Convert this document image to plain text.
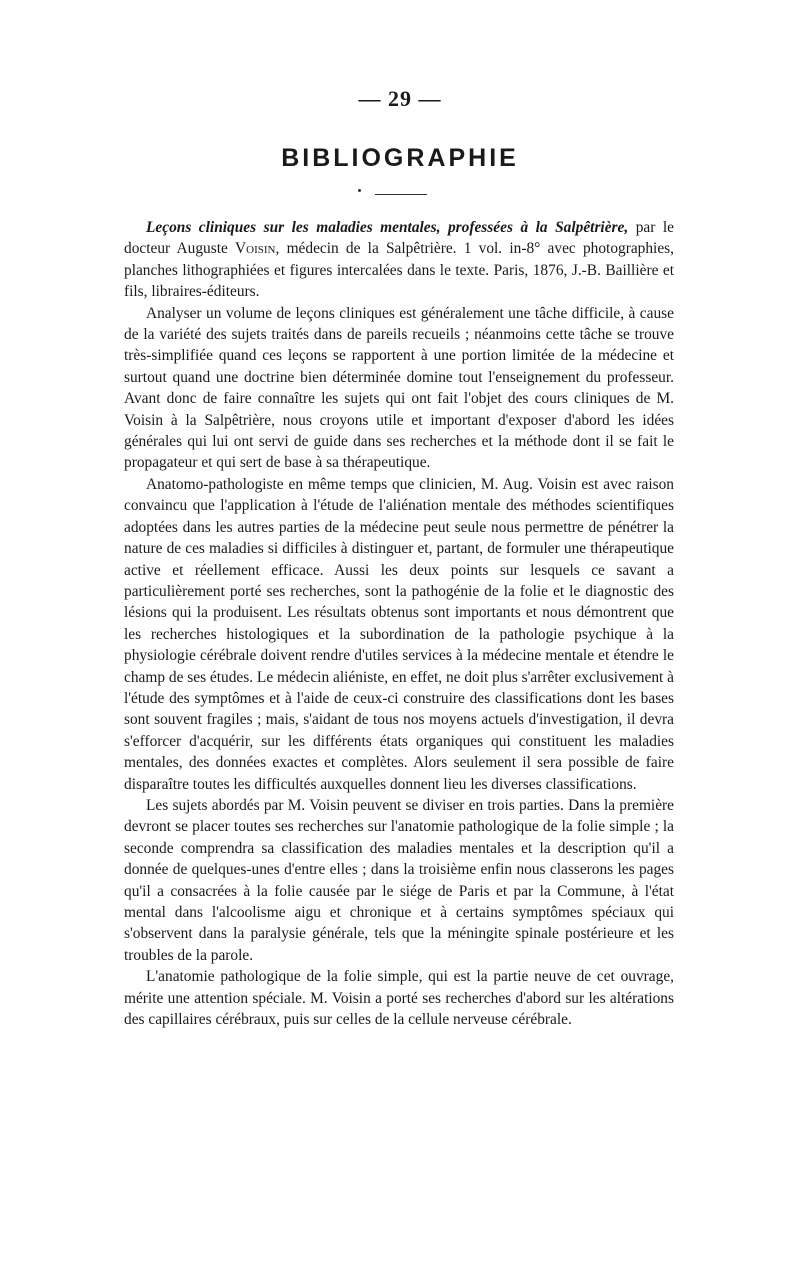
— 29 —
BIBLIOGRAPHIE

Leçons cliniques sur les maladies mentales, professées à la Salpêtrière, par le docteur Auguste Voisin, médecin de la Salpêtrière. 1 vol. in-8° avec photographies, planches lithographiées et figures intercalées dans le texte. Paris, 1876, J.-B. Baillière et fils, libraires-éditeurs.

Analyser un volume de leçons cliniques est généralement une tâche difficile, à cause de la variété des sujets traités dans de pareils recueils ; néanmoins cette tâche se trouve très-simplifiée quand ces leçons se rapportent à une portion limitée de la médecine et surtout quand une doctrine bien déterminée domine tout l'enseignement du professeur. Avant donc de faire connaître les sujets qui ont fait l'objet des cours cliniques de M. Voisin à la Salpêtrière, nous croyons utile et important d'exposer d'abord les idées générales qui lui ont servi de guide dans ses recherches et la méthode dont il se fait le propagateur et qui sert de base à sa thérapeutique.

Anatomo-pathologiste en même temps que clinicien, M. Aug. Voisin est avec raison convaincu que l'application à l'étude de l'aliénation mentale des méthodes scientifiques adoptées dans les autres parties de la médecine peut seule nous permettre de pénétrer la nature de ces maladies si difficiles à distinguer et, partant, de formuler une thérapeutique active et réellement efficace. Aussi les deux points sur lesquels ce savant a particulièrement porté ses recherches, sont la pathogénie de la folie et le diagnostic des lésions qui la produisent. Les résultats obtenus sont importants et nous démontrent que les recherches histologiques et la subordination de la pathologie psychique à la physiologie cérébrale doivent rendre d'utiles services à la médecine mentale et étendre le champ de ses études. Le médecin aliéniste, en effet, ne doit plus s'arrêter exclusivement à l'étude des symptômes et à l'aide de ceux-ci construire des classifications dont les bases sont souvent fragiles ; mais, s'aidant de tous nos moyens actuels d'investigation, il devra s'efforcer d'acquérir, sur les différents états organiques qui constituent les maladies mentales, des données exactes et complètes. Alors seulement il sera possible de faire disparaître toutes les difficultés auxquelles donnent lieu les diverses classifications.

Les sujets abordés par M. Voisin peuvent se diviser en trois parties. Dans la première devront se placer toutes ses recherches sur l'anatomie pathologique de la folie simple ; la seconde comprendra sa classification des maladies mentales et la description qu'il a donnée de quelques-unes d'entre elles ; dans la troisième enfin nous classerons les pages qu'il a consacrées à la folie causée par le siége de Paris et par la Commune, à l'état mental dans l'alcoolisme aigu et chronique et à certains symptômes spéciaux qui s'observent dans la paralysie générale, tels que la méningite spinale postérieure et les troubles de la parole.

L'anatomie pathologique de la folie simple, qui est la partie neuve de cet ouvrage, mérite une attention spéciale. M. Voisin a porté ses recherches d'abord sur les altérations des capillaires cérébraux, puis sur celles de la cellule nerveuse cérébrale.
